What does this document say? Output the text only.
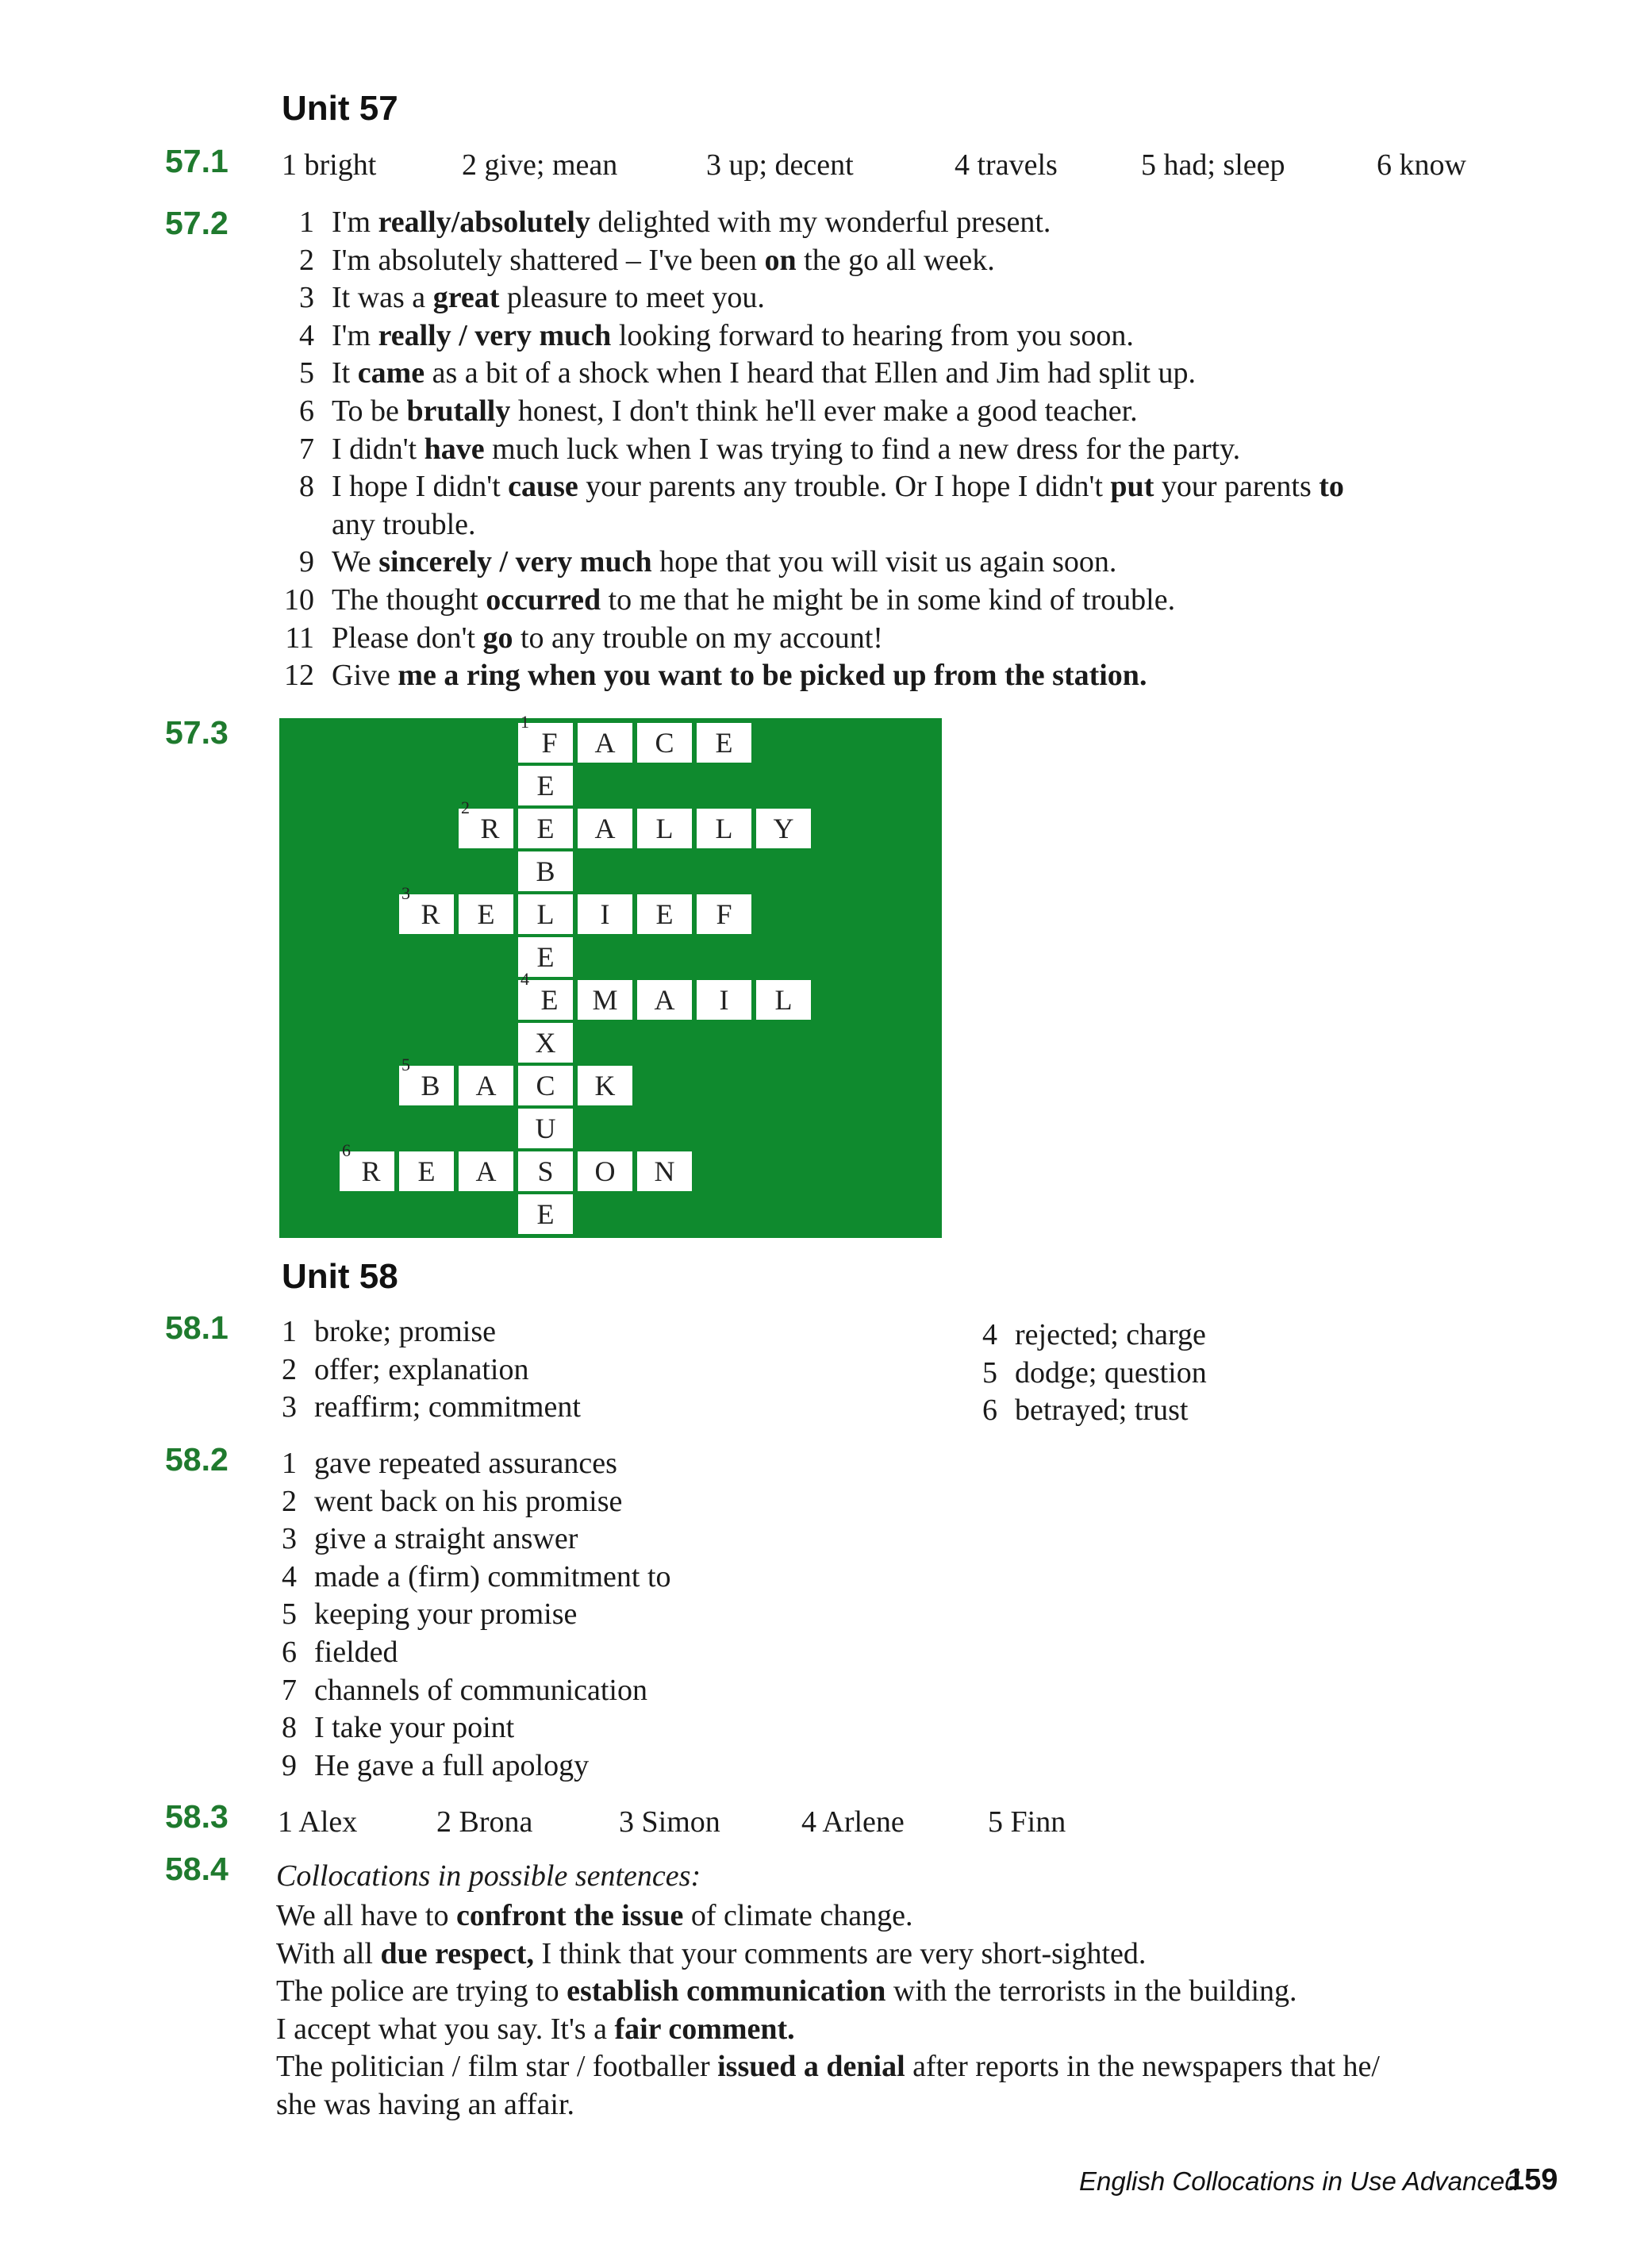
Unit 57
57.1 1 bright	2 give; mean	3 up; decent	4 travels	5 had; sleep	6 know
57.2	1 I'm really/absolutely delighted with my wonderful present.
2 I'm absolutely shattered – I've been on the go all week.
3 It was a great pleasure to meet you.
4 I'm really / very much looking forward to hearing from you soon.
5 It came as a bit of a shock when I heard that Ellen and Jim had split up.
6 To be brutally honest, I don't think he'll ever make a good teacher.
7 I didn't have much luck when I was trying to find a new dress for the party.
8 I hope I didn't cause your parents any trouble. Or I hope I didn't put your parents to
any trouble.
9 We sincerely / very much hope that you will visit us again soon.
10 The thought occurred to me that he might be in some kind of trouble.
11 Please don't go to any trouble on my account!
12 Give me a ring when you want to be picked up from the station.
57.3	F
1
A	C	E
E
R
2
E	A	L	L	Y
B
R
3
E	L	I	E	F
E
E
4
M	A	I	L
X
B
5
A	C	K
U
R
6
E	A	S	O	N
E
Unit 58
58.1	1 broke; promise
2 offer; explanation
3 reaffirm; commitment
4 rejected; charge
5 dodge; question
6 betrayed; trust
58.2	1 gave repeated assurances
2 went back on his promise
3 give a straight answer
4 made a (firm) commitment to
5 keeping your promise
6 fielded
7 channels of communication
8 I take your point
9 He gave a full apology
58.3 1 Alex	2 Brona	3 Simon	4 Arlene	5 Finn
58.4 Collocations in possible sentences:
We all have to confront the issue of climate change.
With all due respect, I think that your comments are very short-sighted.
The police are trying to establish communication with the terrorists in the building.
I accept what you say. It's a fair comment.
The politician / film star / footballer issued a denial after reports in the newspapers that he/
she was having an affair.
English Collocations in Use Advanced
159
